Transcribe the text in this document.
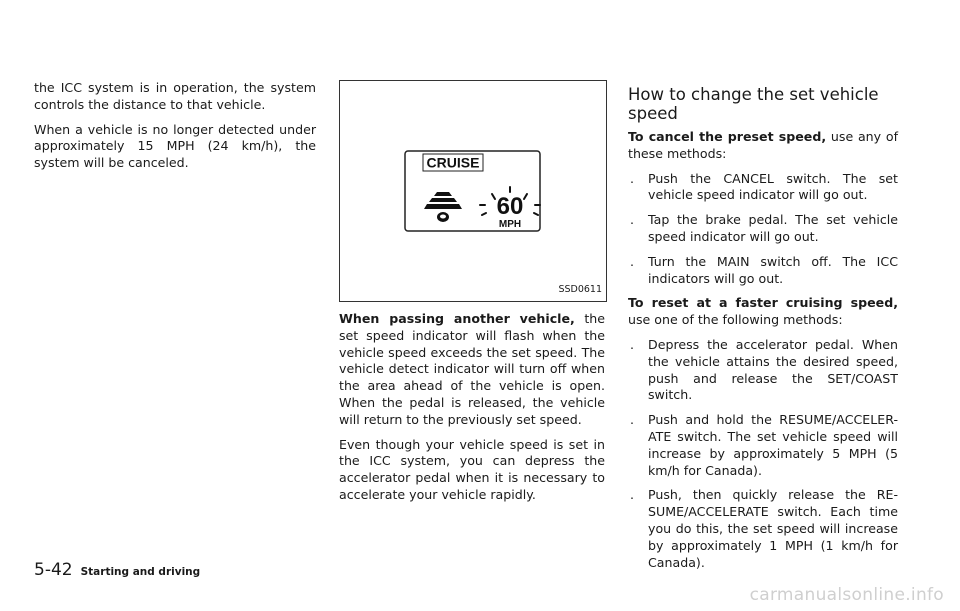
the ICC system is in operation, the system controls the distance to that vehicle.

When a vehicle is no longer detected under approximately 15 MPH (24 km/h), the system will be canceled.	CRUISE
60
MPH
SSD0611

When passing another vehicle, the set speed indicator will flash when the vehicle speed exceeds the set speed. The vehicle detect indicator will turn off when the area ahead of the vehicle is open. When the pedal is released, the vehicle will return to the previously set speed.

Even though your vehicle speed is set in the ICC system, you can depress the accelerator pedal when it is necessary to accelerate your vehicle rapidly.

How to change the set vehicle speed

To cancel the preset speed, use any of these methods:

. Push the CANCEL switch. The set vehicle speed indicator will go out.
. Tap the brake pedal. The set vehicle speed indicator will go out.
. Turn the MAIN switch off. The ICC indicators will go out.

To reset at a faster cruising speed, use one of the following methods:

. Depress the accelerator pedal. When the vehicle attains the desired speed, push and release the SET/COAST switch.
. Push and hold the RESUME/ACCELER-ATE switch. The set vehicle speed will increase by approximately 5 MPH (5 km/h for Canada).
. Push, then quickly release the RE-SUME/ACCELERATE switch. Each time you do this, the set speed will increase by approximately 1 MPH (1 km/h for Canada).
5-42 Starting and driving
carmanualsonline.info
